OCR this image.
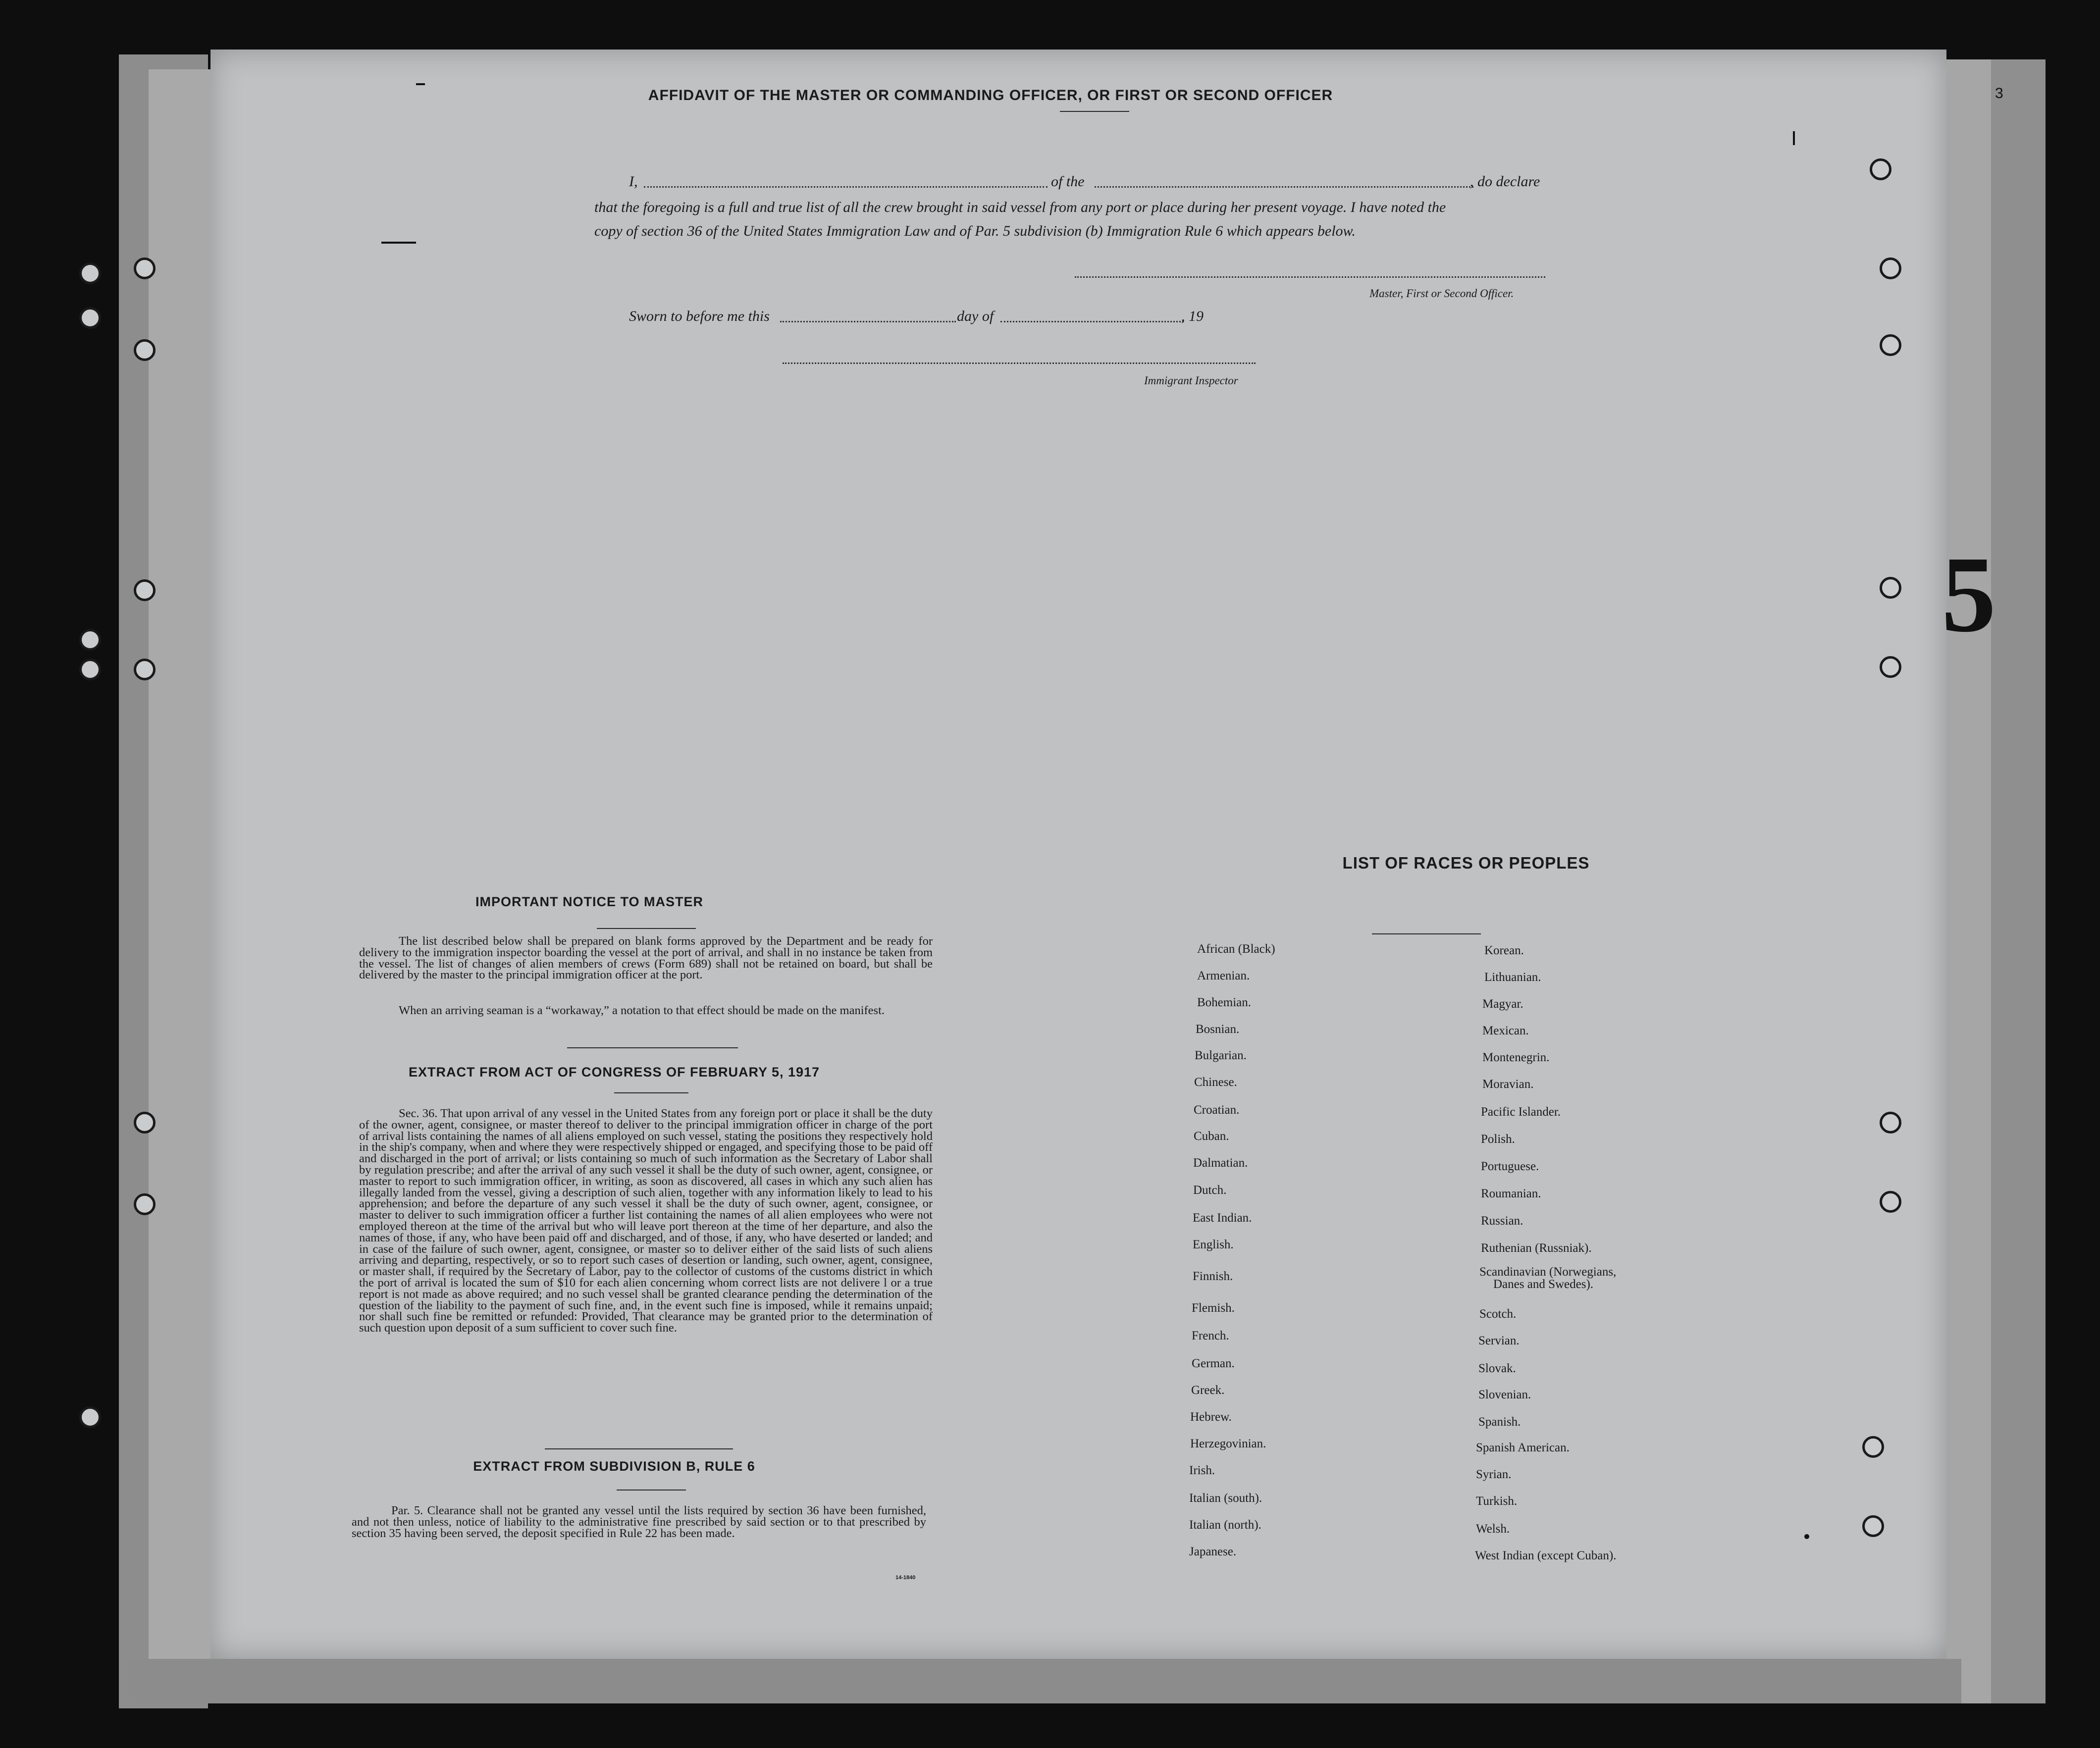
AFFIDAVIT OF THE MASTER OR COMMANDING OFFICER, OR FIRST OR SECOND OFFICER
I,	of the	, do declare
that the foregoing is a full and true list of all the crew brought in said vessel from any port or place during her present voyage. I have noted the
copy of section 36 of the United States Immigration Law and of Par. 5 subdivision (b) Immigration Rule 6 which appears below.
Master, First or Second Officer.
Sworn to before me this	day of	, 19
Immigrant Inspector
IMPORTANT NOTICE TO MASTER
The list described below shall be prepared on blank forms approved by the Department and be ready for delivery to the immigration inspector boarding the vessel at the port of arrival, and shall in no instance be taken from the vessel. The list of changes of alien members of crews (Form 689) shall not be retained on board, but shall be delivered by the master to the principal immigration officer at the port.
When an arriving seaman is a “workaway,” a notation to that effect should be made on the manifest.
EXTRACT FROM ACT OF CONGRESS OF FEBRUARY 5, 1917
Sec. 36. That upon arrival of any vessel in the United States from any foreign port or place it shall be the duty of the owner, agent, consignee, or master thereof to deliver to the principal immigration officer in charge of the port of arrival lists containing the names of all aliens employed on such vessel, stating the positions they respectively hold in the ship's company, when and where they were respectively shipped or engaged, and specifying those to be paid off and discharged in the port of arrival; or lists containing so much of such information as the Secretary of Labor shall by regulation prescribe; and after the arrival of any such vessel it shall be the duty of such owner, agent, consignee, or master to report to such immigration officer, in writing, as soon as discovered, all cases in which any such alien has illegally landed from the vessel, giving a description of such alien, together with any information likely to lead to his apprehension; and before the departure of any such vessel it shall be the duty of such owner, agent, consignee, or master to deliver to such immigration officer a further list containing the names of all alien employees who were not employed thereon at the time of the arrival but who will leave port thereon at the time of her departure, and also the names of those, if any, who have been paid off and discharged, and of those, if any, who have deserted or landed; and in case of the failure of such owner, agent, consignee, or master so to deliver either of the said lists of such aliens arriving and departing, respectively, or so to report such cases of desertion or landing, such owner, agent, consignee, or master shall, if required by the Secretary of Labor, pay to the collector of customs of the customs district in which the port of arrival is located the sum of $10 for each alien concerning whom correct lists are not delivere l or a true report is not made as above required; and no such vessel shall be granted clearance pending the determination of the question of the liability to the payment of such fine, and, in the event such fine is imposed, while it remains unpaid; nor shall such fine be remitted or refunded: Provided, That clearance may be granted prior to the determination of such question upon deposit of a sum sufficient to cover such fine.
EXTRACT FROM SUBDIVISION B, RULE 6
Par. 5. Clearance shall not be granted any vessel until the lists required by section 36 have been furnished, and not then unless, notice of liability to the administrative fine prescribed by said section or to that prescribed by section 35 having been served, the deposit specified in Rule 22 has been made.
14-1840
LIST OF RACES OR PEOPLES
African (Black)
Armenian.
Bohemian.
Bosnian.
Bulgarian.
Chinese.
Croatian.
Cuban.
Dalmatian.
Dutch.
East Indian.
English.
Finnish.
Flemish.
French.
German.
Greek.
Hebrew.
Herzegovinian.
Irish.
Italian (north).
Italian (south).
Japanese.
Korean.
Lithuanian.
Magyar.
Mexican.
Montenegrin.
Moravian.
Pacific Islander.
Polish.
Portuguese.
Roumanian.
Russian.
Ruthenian (Russniak).
Scandinavian (Norwegians,
Danes and Swedes).
Scotch.
Servian.
Slovak.
Slovenian.
Spanish.
Spanish American.
Syrian.
Turkish.
Welsh.
West Indian (except Cuban).
3
5
